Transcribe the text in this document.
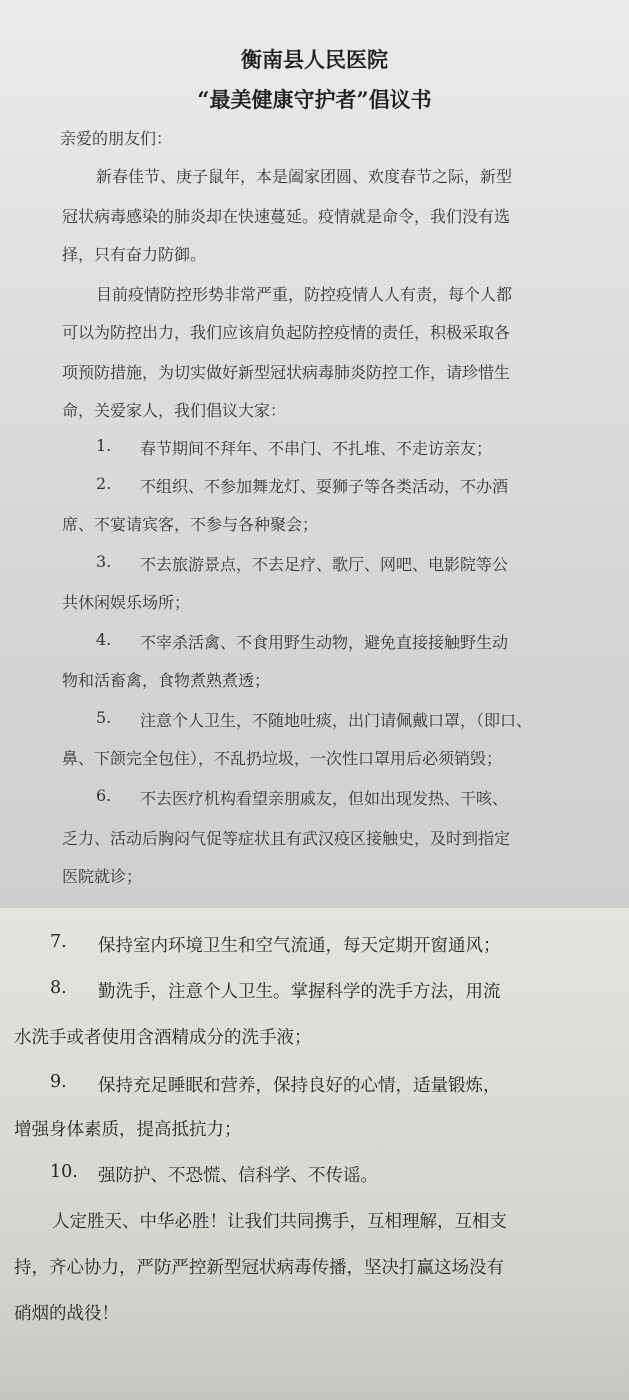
衡南县人民医院
“最美健康守护者”倡议书
亲爱的朋友们：
新春佳节、庚子鼠年，本是阖家团圆、欢度春节之际，新型
冠状病毒感染的肺炎却在快速蔓延。疫情就是命令，我们没有选
择，只有奋力防御。
目前疫情防控形势非常严重，防控疫情人人有责，每个人都
可以为防控出力，我们应该肩负起防控疫情的责任，积极采取各
项预防措施，为切实做好新型冠状病毒肺炎防控工作，请珍惜生
命，关爱家人，我们倡议大家：
1. 春节期间不拜年、不串门、不扎堆、不走访亲友；
2. 不组织、不参加舞龙灯、耍狮子等各类活动，不办酒
席、不宴请宾客，不参与各种聚会；
3. 不去旅游景点，不去足疗、歌厅、网吧、电影院等公
共休闲娱乐场所；
4. 不宰杀活禽、不食用野生动物，避免直接接触野生动
物和活畜禽，食物煮熟煮透；
5. 注意个人卫生，不随地吐痰，出门请佩戴口罩，（即口、
鼻、下颌完全包住），不乱扔垃圾，一次性口罩用后必须销毁；
6. 不去医疗机构看望亲朋戚友，但如出现发热、干咳、
乏力、活动后胸闷气促等症状且有武汉疫区接触史，及时到指定
医院就诊；
7. 保持室内环境卫生和空气流通，每天定期开窗通风；
8. 勤洗手，注意个人卫生。掌握科学的洗手方法，用流
水洗手或者使用含酒精成分的洗手液；
9. 保持充足睡眠和营养，保持良好的心情，适量锻炼，
增强身体素质，提高抵抗力；
10. 强防护、不恐慌、信科学、不传谣。
人定胜天、中华必胜！让我们共同携手，互相理解，互相支
持，齐心协力，严防严控新型冠状病毒传播，坚决打赢这场没有
硝烟的战役！
